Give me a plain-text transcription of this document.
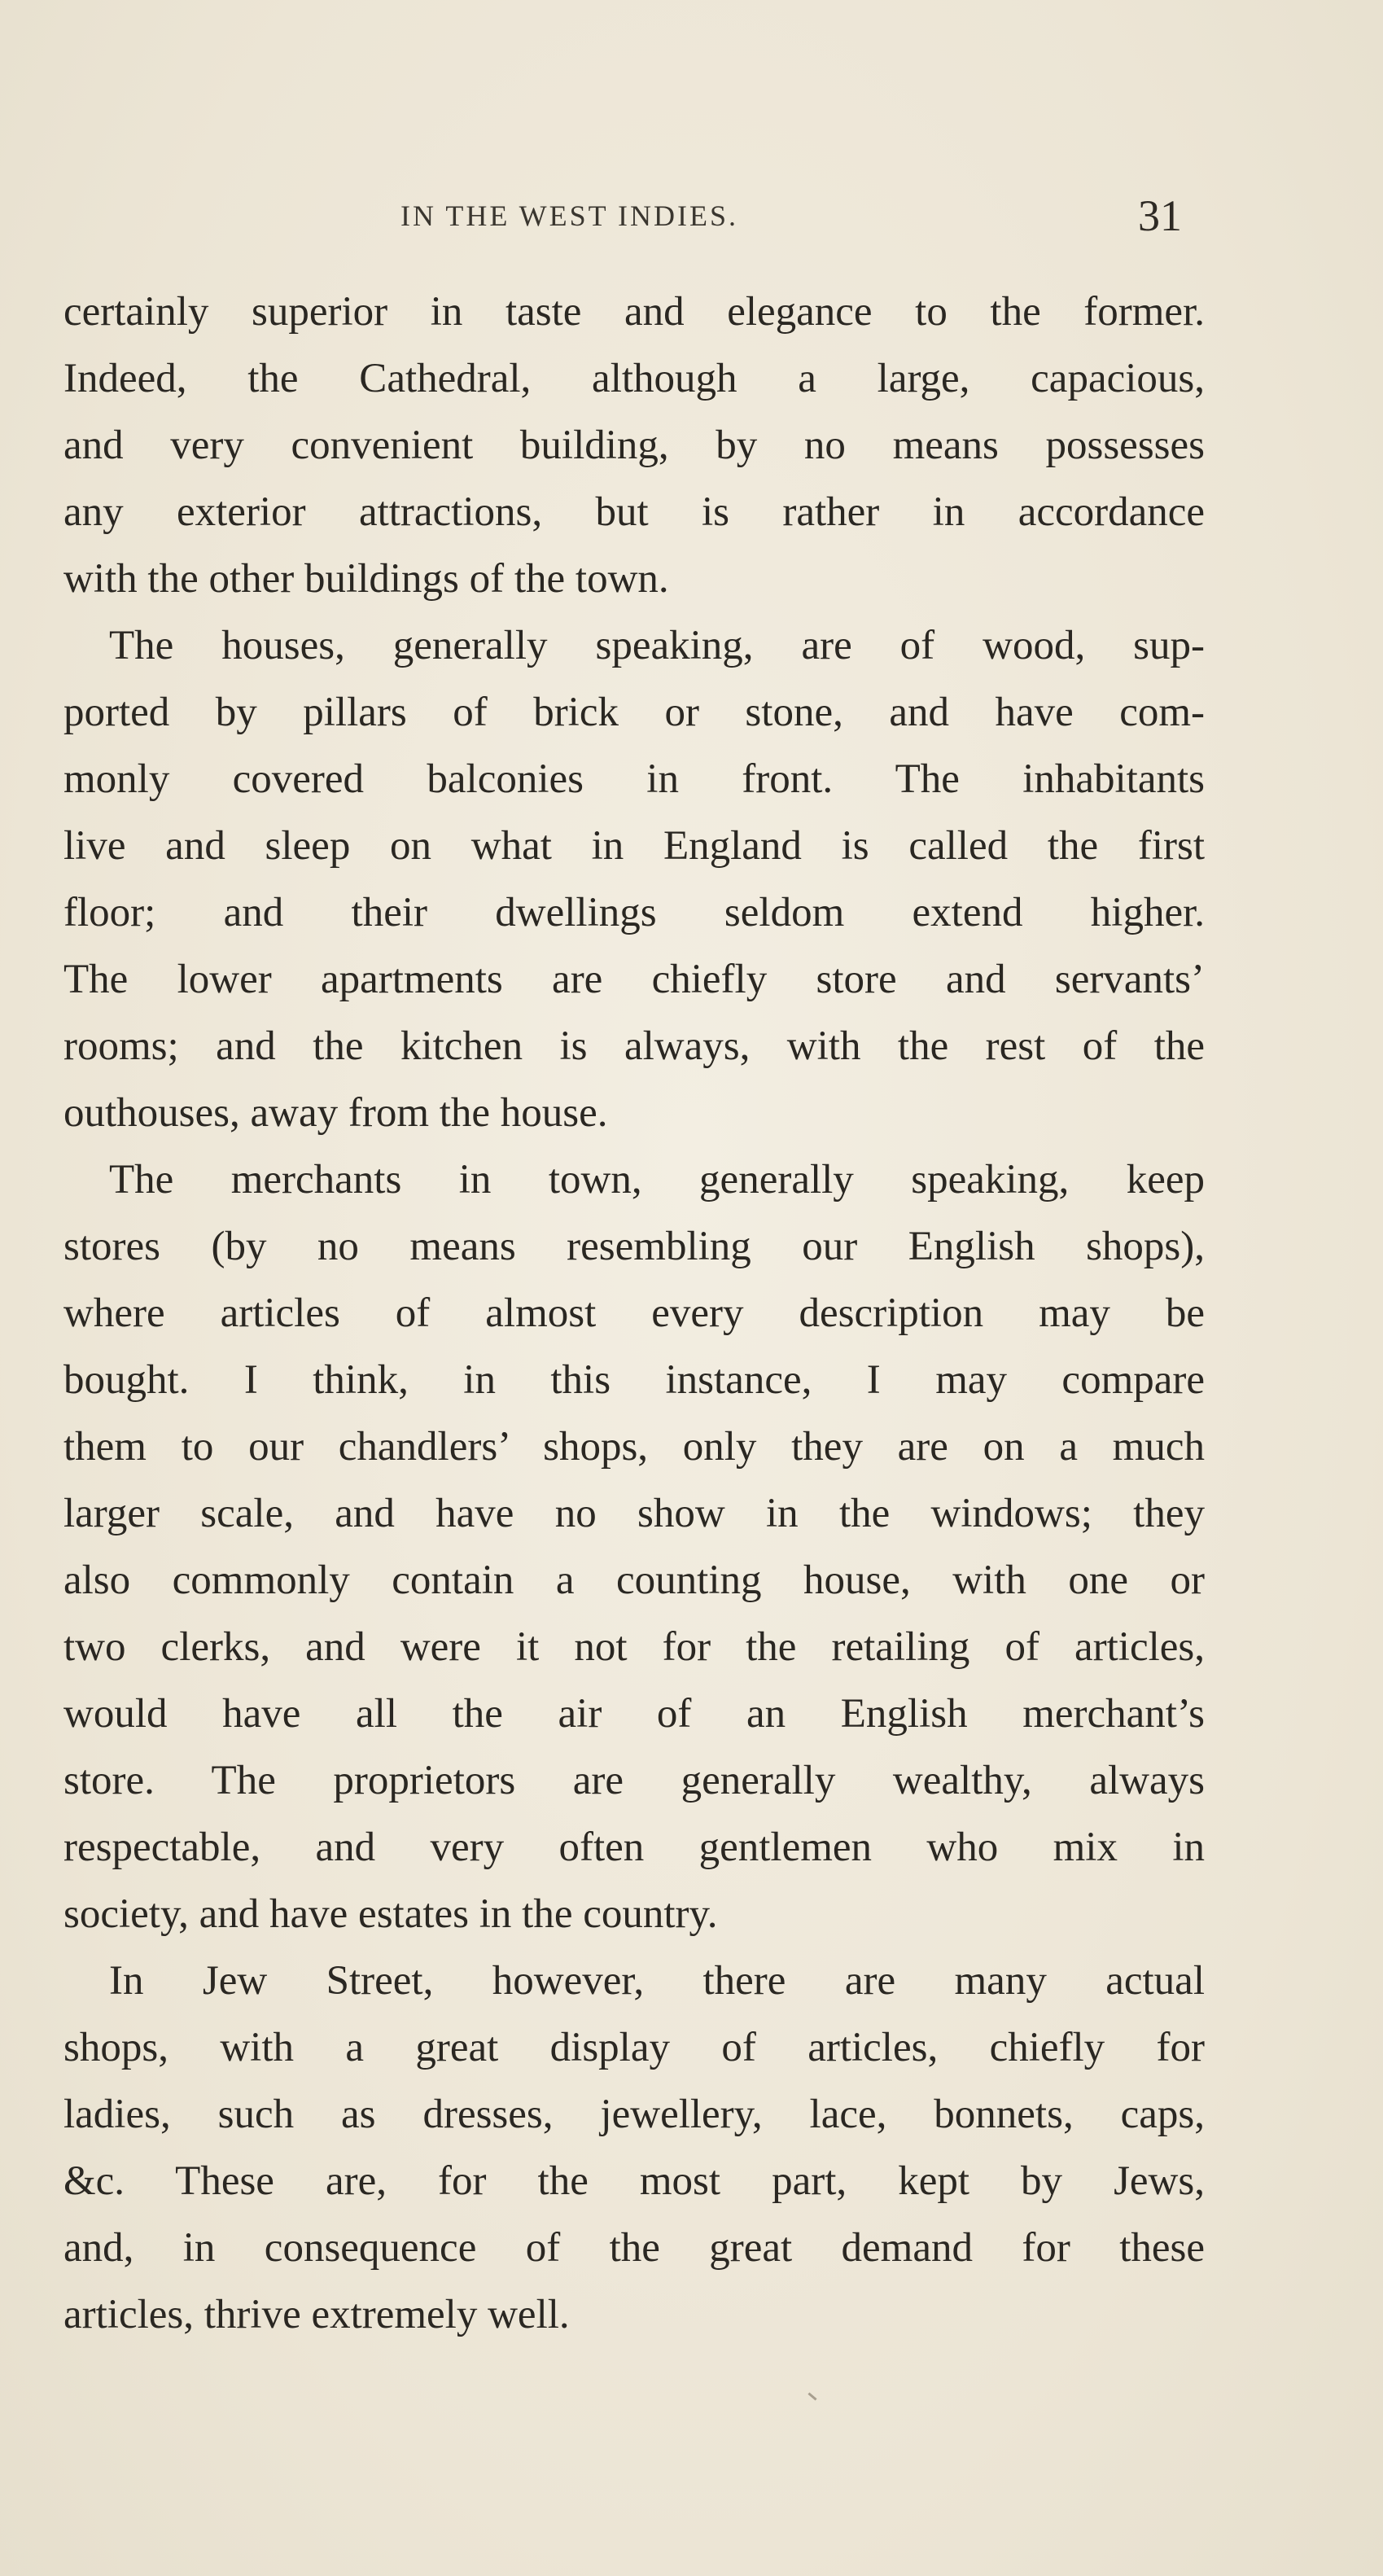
IN THE WEST INDIES.	31
certainly superior in taste and elegance to the former.
Indeed, the Cathedral, although a large, capacious,
and very convenient building, by no means possesses
any exterior attractions, but is rather in accordance
with the other buildings of the town.
The houses, generally speaking, are of wood, sup-
ported by pillars of brick or stone, and have com-
monly covered balconies in front. The inhabitants
live and sleep on what in England is called the first
floor; and their dwellings seldom extend higher.
The lower apartments are chiefly store and servants’
rooms; and the kitchen is always, with the rest of the
outhouses, away from the house.
The merchants in town, generally speaking, keep
stores (by no means resembling our English shops),
where articles of almost every description may be
bought. I think, in this instance, I may compare
them to our chandlers’ shops, only they are on a much
larger scale, and have no show in the windows; they
also commonly contain a counting house, with one or
two clerks, and were it not for the retailing of articles,
would have all the air of an English merchant’s
store. The proprietors are generally wealthy, always
respectable, and very often gentlemen who mix in
society, and have estates in the country.
In Jew Street, however, there are many actual
shops, with a great display of articles, chiefly for
ladies, such as dresses, jewellery, lace, bonnets, caps,
&c. These are, for the most part, kept by Jews,
and, in consequence of the great demand for these
articles, thrive extremely well.
